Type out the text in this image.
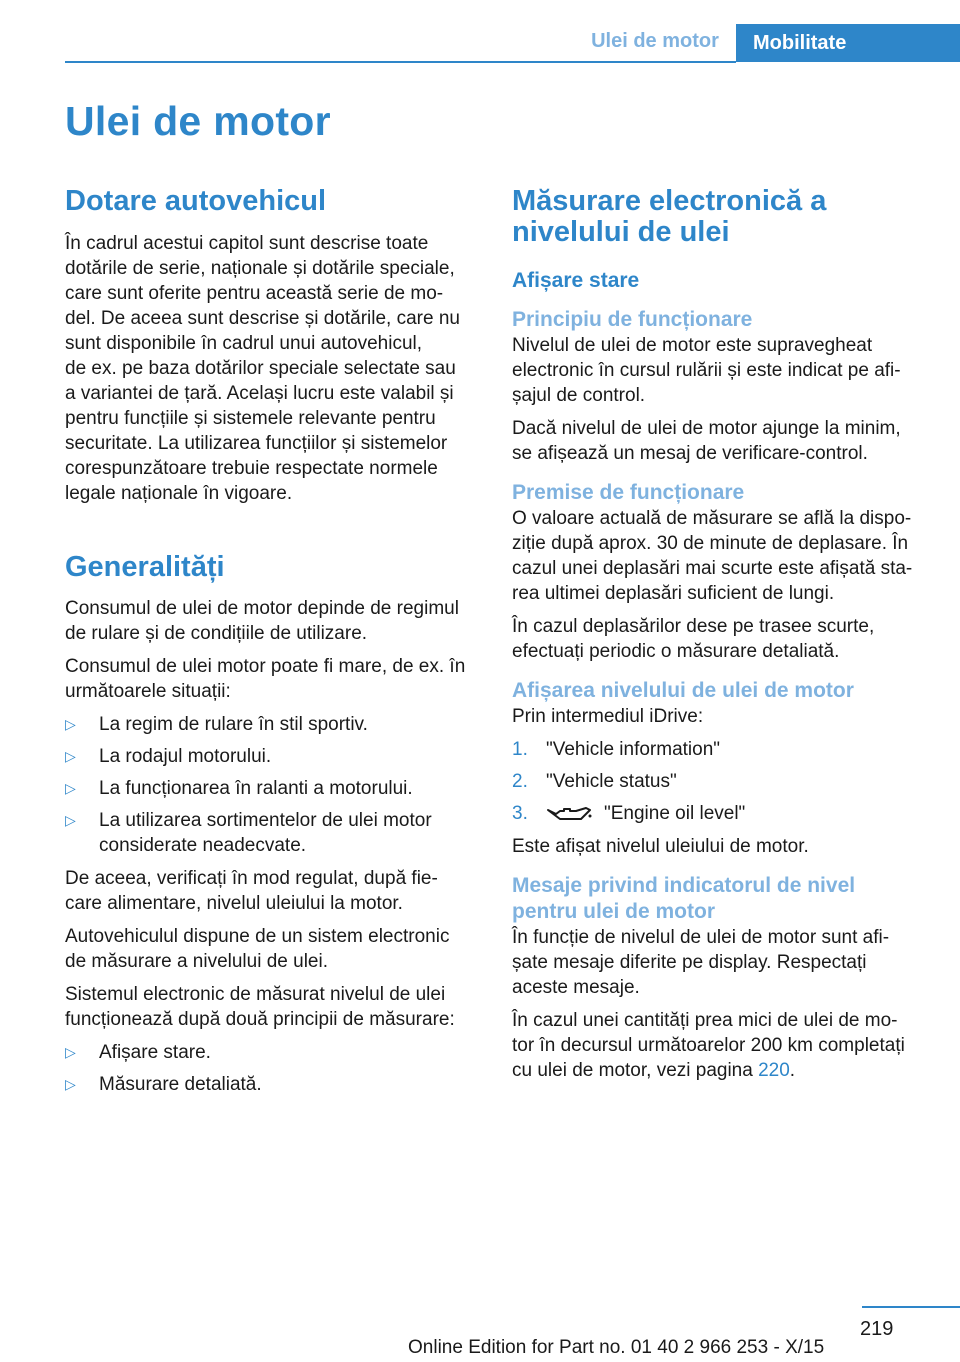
Ulei de motor	Mobilitate
Ulei de motor
Dotare autovehicul

În cadrul acestui capitol sunt descrise toate
dotările de serie, naționale și dotările speciale,
care sunt oferite pentru această serie de mo‐
del. De aceea sunt descrise și dotările, care nu
sunt disponibile în cadrul unui autovehicul,
de ex. pe baza dotărilor speciale selectate sau
a variantei de țară. Același lucru este valabil și
pentru funcțiile și sistemele relevante pentru
securitate. La utilizarea funcțiilor și sistemelor
corespunzătoare trebuie respectate normele
legale naționale în vigoare.

Generalități

Consumul de ulei de motor depinde de regimul
de rulare și de condițiile de utilizare.

Consumul de ulei motor poate fi mare, de ex. în
următoarele situații:

▷ La regim de rulare în stil sportiv.
▷ La rodajul motorului.
▷ La funcționarea în ralanti a motorului.
▷ La utilizarea sortimentelor de ulei motor
considerate neadecvate.

De aceea, verificați în mod regulat, după fie‐
care alimentare, nivelul uleiului la motor.

Autovehiculul dispune de un sistem electronic
de măsurare a nivelului de ulei.

Sistemul electronic de măsurat nivelul de ulei
funcționează după două principii de măsurare:

▷ Afișare stare.
▷ Măsurare detaliată.
Măsurare electronică a
nivelului de ulei
Afișare stare
Principiu de funcționare

Nivelul de ulei de motor este supravegheat
electronic în cursul rulării și este indicat pe afi‐
șajul de control.

Dacă nivelul de ulei de motor ajunge la minim,
se afișează un mesaj de verificare-control.

Premise de funcționare

O valoare actuală de măsurare se află la dispo‐
ziție după aprox. 30 de minute de deplasare. În
cazul unei deplasări mai scurte este afișată sta‐
rea ultimei deplasări suficient de lungi.

În cazul deplasărilor dese pe trasee scurte,
efectuați periodic o măsurare detaliată.

Afișarea nivelului de ulei de motor

Prin intermediul iDrive:

1. "Vehicle information"
2. "Vehicle status"
3.	"Engine oil level"

Este afișat nivelul uleiului de motor.

Mesaje privind indicatorul de nivel
pentru ulei de motor

În funcție de nivelul de ulei de motor sunt afi‐
șate mesaje diferite pe display. Respectați
aceste mesaje.

În cazul unei cantități prea mici de ulei de mo‐
tor în decursul următoarelor 200 km completați
cu ulei de motor, vezi pagina 220.

219
Online Edition for Part no. 01 40 2 966 253 - X/15
